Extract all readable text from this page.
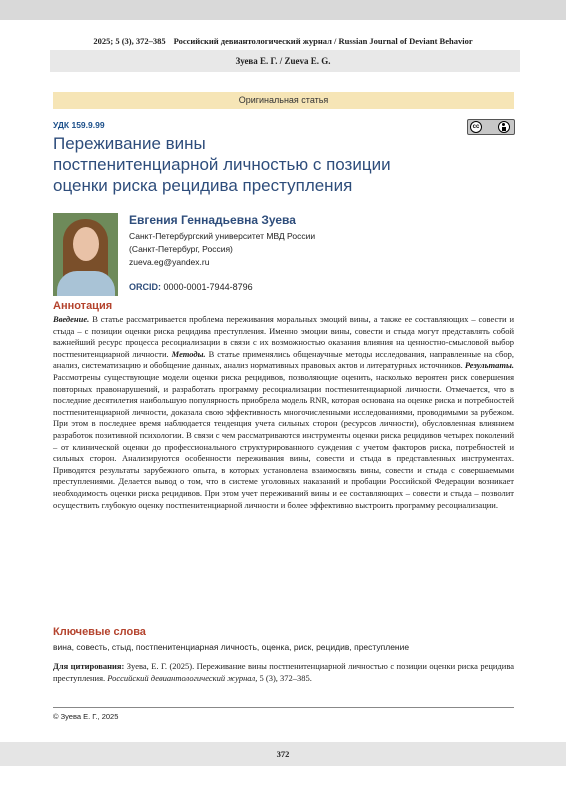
2025; 5 (3), 372–385 Российский девиантологический журнал / Russian Journal of Deviant Behavior
Зуева Е. Г. / Zueva E. G.
Оригинальная статья
УДК 159.9.99	cc
Переживание вины
постпенитенциарной личностью с позиции
оценки риска рецидива преступления
Евгения Геннадьевна Зуева
Санкт-Петербургский университет МВД России
(Санкт-Петербург, Россия)
zueva.eg@yandex.ru
ORCID: 0000-0001-7944-8796
Аннотация
Введение. В статье рассматривается проблема переживания моральных эмоций вины, а также ее составляющих – совести и стыда – с позиции оценки риска рецидива преступления. Именно эмоции вины, совести и стыда могут представлять собой важнейший ресурс процесса ресоциализации в связи с их возможностью оказания влияния на ценностно-смысловой выбор постпенитенциарной личности. Методы. В статье применялись общенаучные методы исследования, направленные на сбор, анализ, систематизацию и обобщение данных, анализ нормативных правовых актов и литературных источников. Результаты. Рассмотрены существующие модели оценки риска рецидивов, позволяющие оценить, насколько вероятен риск совершения повторных правонарушений, и разработать программу ресоциализации постпенитенциарной личности. Отмечается, что в последние десятилетия наибольшую популярность приобрела модель RNR, которая основана на оценке риска и потребностей постпенитенциарной личности, доказала свою эффективность многочисленными исследованиями, проводимыми за рубежом. При этом в последнее время наблюдается тенденция учета сильных сторон (ресурсов личности), обусловленная влиянием разработок позитивной психологии. В связи с чем рассматриваются инструменты оценки риска рецидивов четырех поколений – от клинической оценки до профессионального структурированного суждения с учетом факторов риска, потребностей и сильных сторон. Анализируются особенности переживания вины, совести и стыда в представленных инструментах. Приводятся результаты зарубежного опыта, в которых установлена взаимосвязь вины, совести и стыда с совершаемыми преступлениями. Делается вывод о том, что в системе уголовных наказаний и пробации Российской Федерации возникает необходимость оценки риска рецидивов. При этом учет переживаний вины и ее составляющих – совести и стыда – позволит осуществить глубокую оценку постпенитенциарной личности и более эффективно выстроить программу ресоциализации.
Ключевые слова
вина, совесть, стыд, постпенитенциарная личность, оценка, риск, рецидив, преступление
Для цитирования: Зуева, Е. Г. (2025). Переживание вины постпенитенциарной личностью с позиции оценки риска рецидива преступления. Российский девиантологический журнал, 5 (3), 372–385.
© Зуева Е. Г., 2025
372
